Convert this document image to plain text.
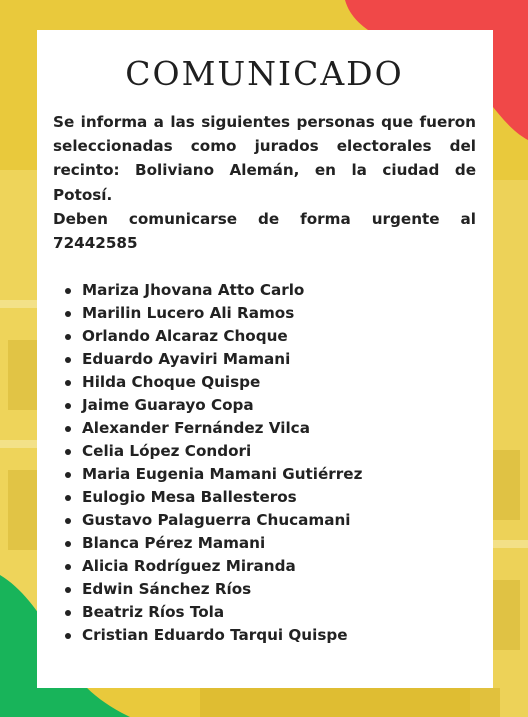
COMUNICADO

Se informa a las siguientes personas que fueron seleccionadas como jurados electorales del recinto: Boliviano Alemán, en la ciudad de Potosí.

Deben comunicarse de forma urgente al 72442585

Mariza Jhovana Atto Carlo
Marilin Lucero Ali Ramos
Orlando Alcaraz Choque
Eduardo Ayaviri Mamani
Hilda Choque Quispe
Jaime Guarayo Copa
Alexander Fernández Vilca
Celia López Condori
Maria Eugenia Mamani Gutiérrez
Eulogio Mesa Ballesteros
Gustavo Palaguerra Chucamani
Blanca Pérez Mamani
Alicia Rodríguez Miranda
Edwin Sánchez Ríos
Beatriz Ríos Tola
Cristian Eduardo Tarqui Quispe
